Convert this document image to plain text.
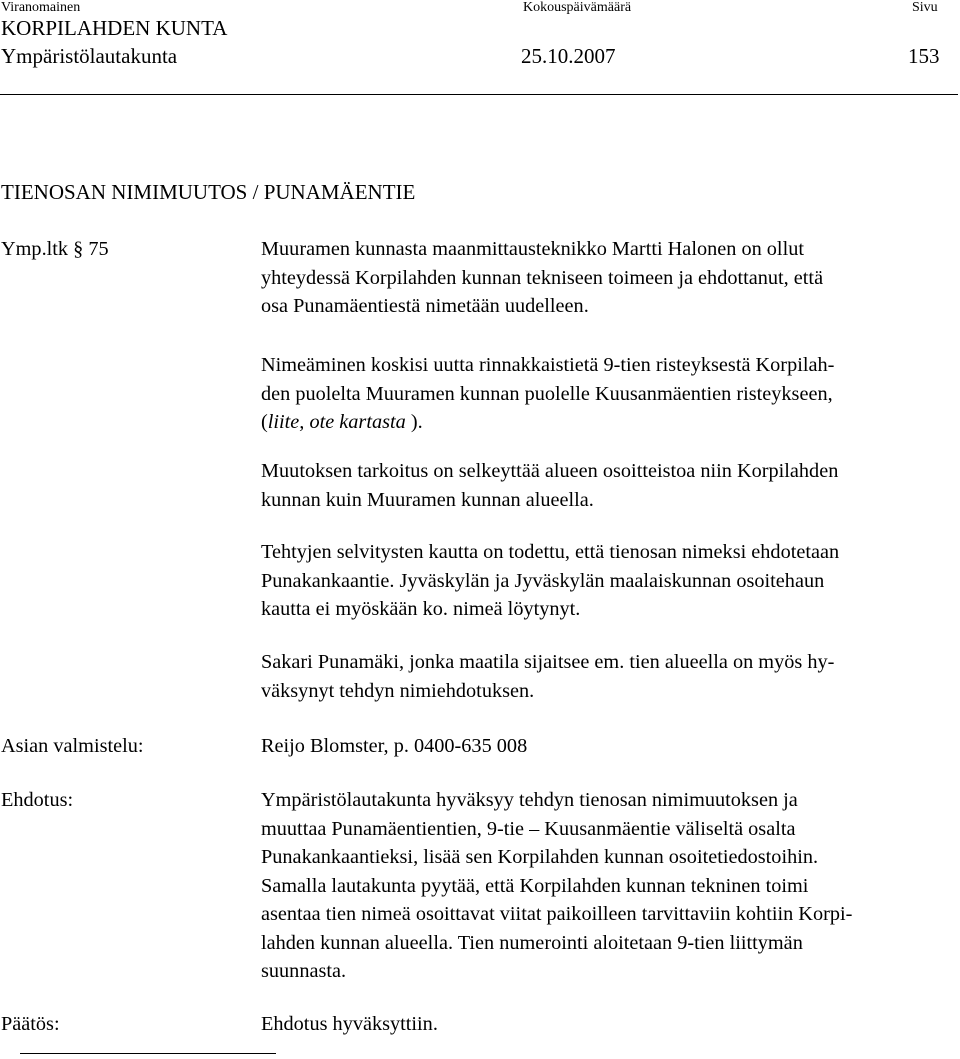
Viranomainen	Kokouspäivämäärä	Sivu
KORPILAHDEN KUNTA
Ympäristölautakunta	25.10.2007	153
TIENOSAN NIMIMUUTOS / PUNAMÄENTIE
Ymp.ltk § 75	Muuramen kunnasta maanmittausteknikko Martti Halonen on ollut
yhteydessä Korpilahden kunnan tekniseen toimeen ja ehdottanut, että
osa Punamäentiestä nimetään uudelleen.
Nimeäminen koskisi uutta rinnakkaistietä 9-tien risteyksestä Korpilah-
den puolelta Muuramen kunnan puolelle Kuusanmäentien risteykseen,
(liite, ote kartasta ).
Muutoksen tarkoitus on selkeyttää alueen osoitteistoa niin Korpilahden
kunnan kuin Muuramen kunnan alueella.
Tehtyjen selvitysten kautta on todettu, että tienosan nimeksi ehdotetaan
Punakankaantie. Jyväskylän ja Jyväskylän maalaiskunnan osoitehaun
kautta ei myöskään ko. nimeä löytynyt.
Sakari Punamäki, jonka maatila sijaitsee em. tien alueella on myös hy-
väksynyt tehdyn nimiehdotuksen.
Asian valmistelu:	Reijo Blomster, p. 0400-635 008
Ehdotus:	Ympäristölautakunta hyväksyy tehdyn tienosan nimimuutoksen ja
muuttaa Punamäentientien, 9-tie – Kuusanmäentie väliseltä osalta
Punakankaantieksi, lisää sen Korpilahden kunnan osoitetiedostoihin.
Samalla lautakunta pyytää, että Korpilahden kunnan tekninen toimi
asentaa tien nimeä osoittavat viitat paikoilleen tarvittaviin kohtiin Korpi-
lahden kunnan alueella. Tien numerointi aloitetaan 9-tien liittymän
suunnasta.
Päätös:	Ehdotus hyväksyttiin.
